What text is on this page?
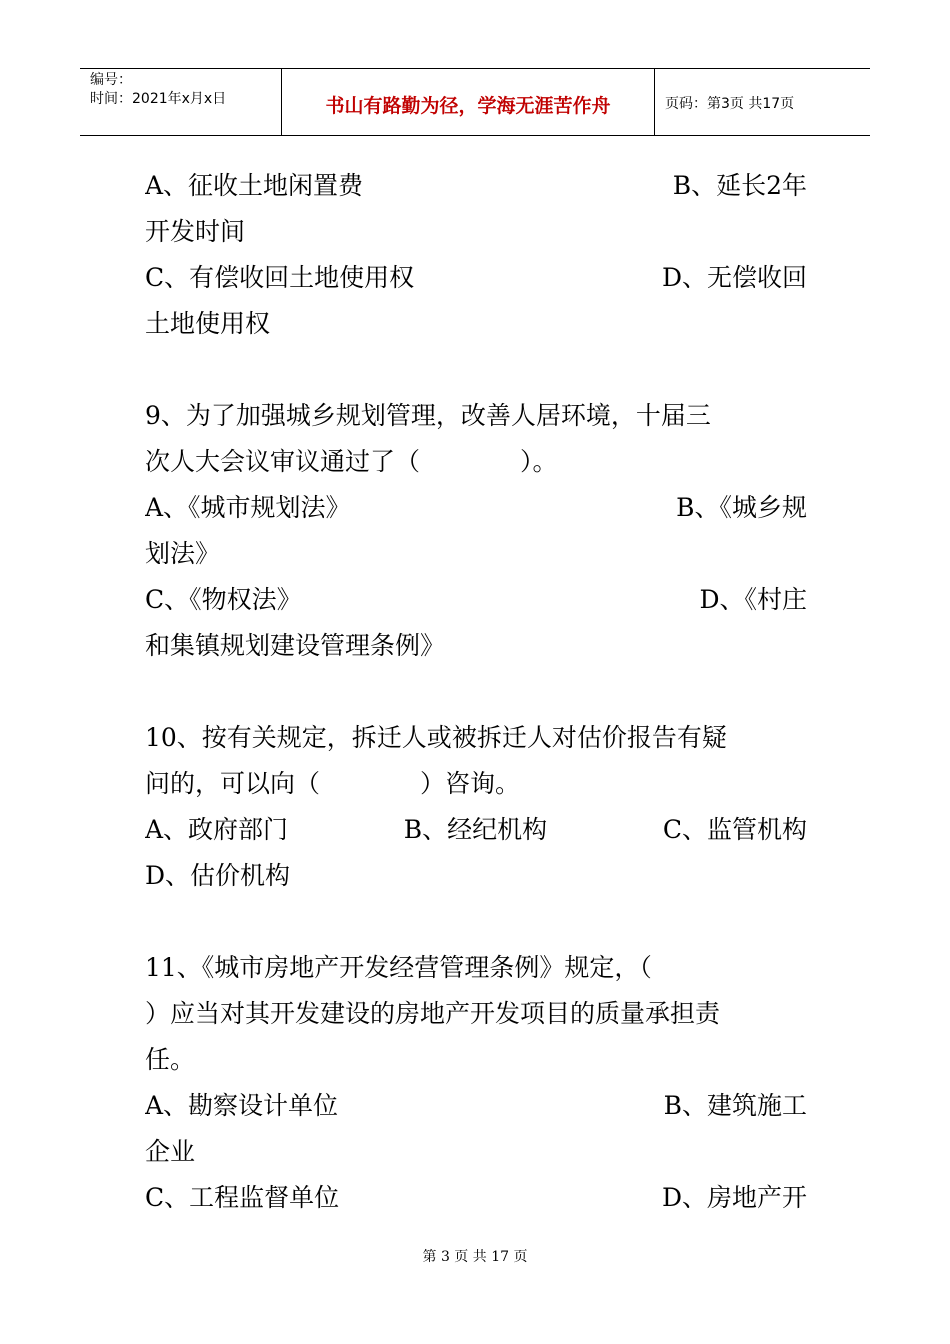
编号：
时间：2021年x月x日	书山有路勤为径，学海无涯苦作舟	页码：第3页 共17页
A、征收土地闲置费	B、延长2年
开发时间
C、有偿收回土地使用权	D、无偿收回
土地使用权
9、为了加强城乡规划管理，改善人居环境，十届三
次人大会议审议通过了（　　　　）。
A、《城市规划法》	B、《城乡规
划法》
C、《物权法》	D、《村庄
和集镇规划建设管理条例》
10、按有关规定，拆迁人或被拆迁人对估价报告有疑
问的，可以向（　　　　）咨询。
A、政府部门	B、经纪机构	C、监管机构
D、估价机构
11、《城市房地产开发经营管理条例》规定，（
）应当对其开发建设的房地产开发项目的质量承担责
任。
A、勘察设计单位	B、建筑施工
企业
C、工程监督单位	D、房地产开
第 3 页 共 17 页
